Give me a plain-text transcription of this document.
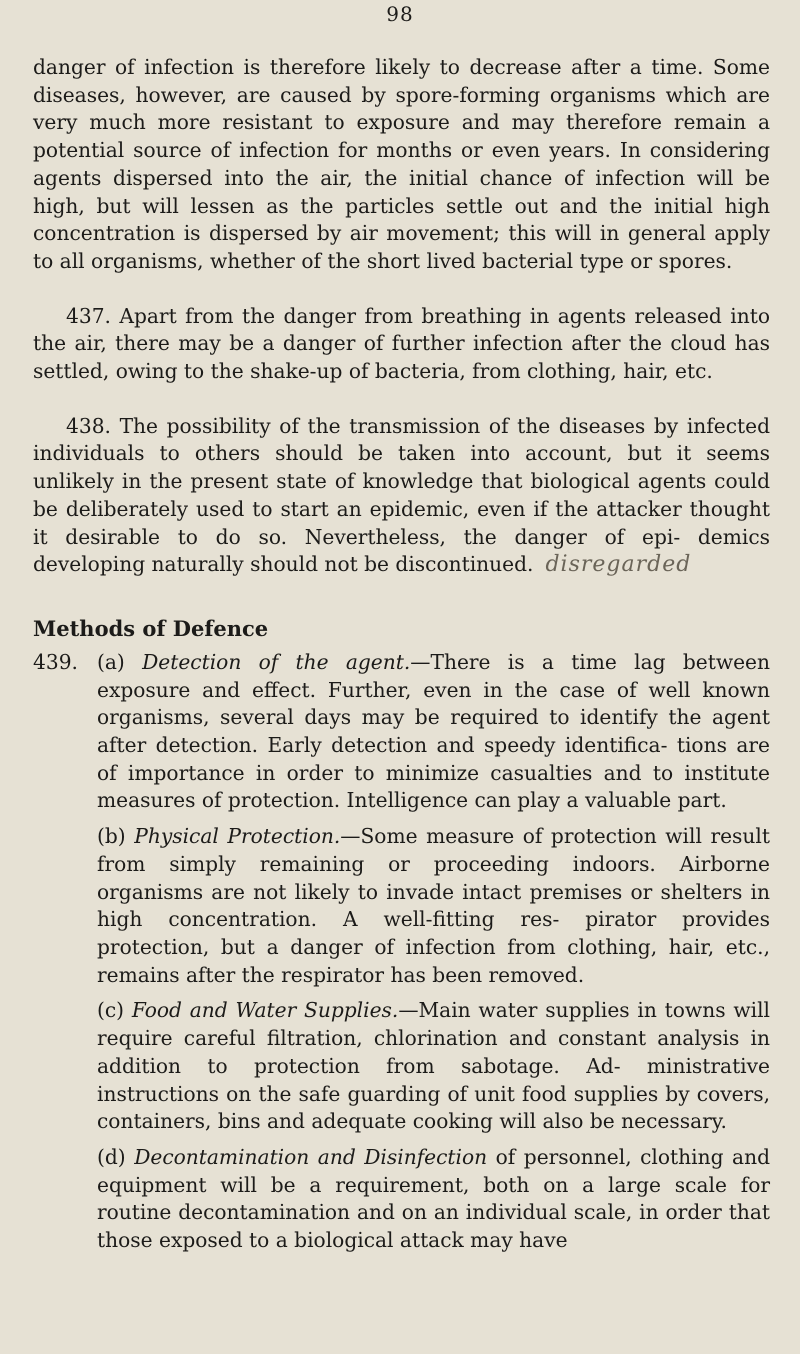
98

danger of infection is therefore likely to decrease after a time. Some diseases, however, are caused by spore-forming organisms which are very much more resistant to exposure and may therefore remain a potential source of infection for months or even years. In considering agents dispersed into the air, the initial chance of infection will be high, but will lessen as the particles settle out and the initial high concentration is dispersed by air movement; this will in general apply to all organisms, whether of the short lived bacterial type or spores.

437. Apart from the danger from breathing in agents released into the air, there may be a danger of further infection after the cloud has settled, owing to the shake-up of bacteria, from clothing, hair, etc.

438. The possibility of the transmission of the diseases by infected individuals to others should be taken into account, but it seems unlikely in the present state of knowledge that biological agents could be deliberately used to start an epidemic, even if the attacker thought it desirable to do so. Nevertheless, the danger of epi- demics developing naturally should not be discontinued. disregarded

Methods of Defence
439. (a) Detection of the agent.—There is a time lag between exposure and effect. Further, even in the case of well known organisms, several days may be required to identify the agent after detection. Early detection and speedy identifica- tions are of importance in order to minimize casualties and to institute measures of protection. Intelligence can play a valuable part.
(b) Physical Protection.—Some measure of protection will result from simply remaining or proceeding indoors. Airborne organisms are not likely to invade intact premises or shelters in high concentration. A well-fitting res- pirator provides protection, but a danger of infection from clothing, hair, etc., remains after the respirator has been removed.
(c) Food and Water Supplies.—Main water supplies in towns will require careful filtration, chlorination and constant analysis in addition to protection from sabotage. Ad- ministrative instructions on the safe guarding of unit food supplies by covers, containers, bins and adequate cooking will also be necessary.
(d) Decontamination and Disinfection of personnel, clothing and equipment will be a requirement, both on a large scale for routine decontamination and on an individual scale, in order that those exposed to a biological attack may have
